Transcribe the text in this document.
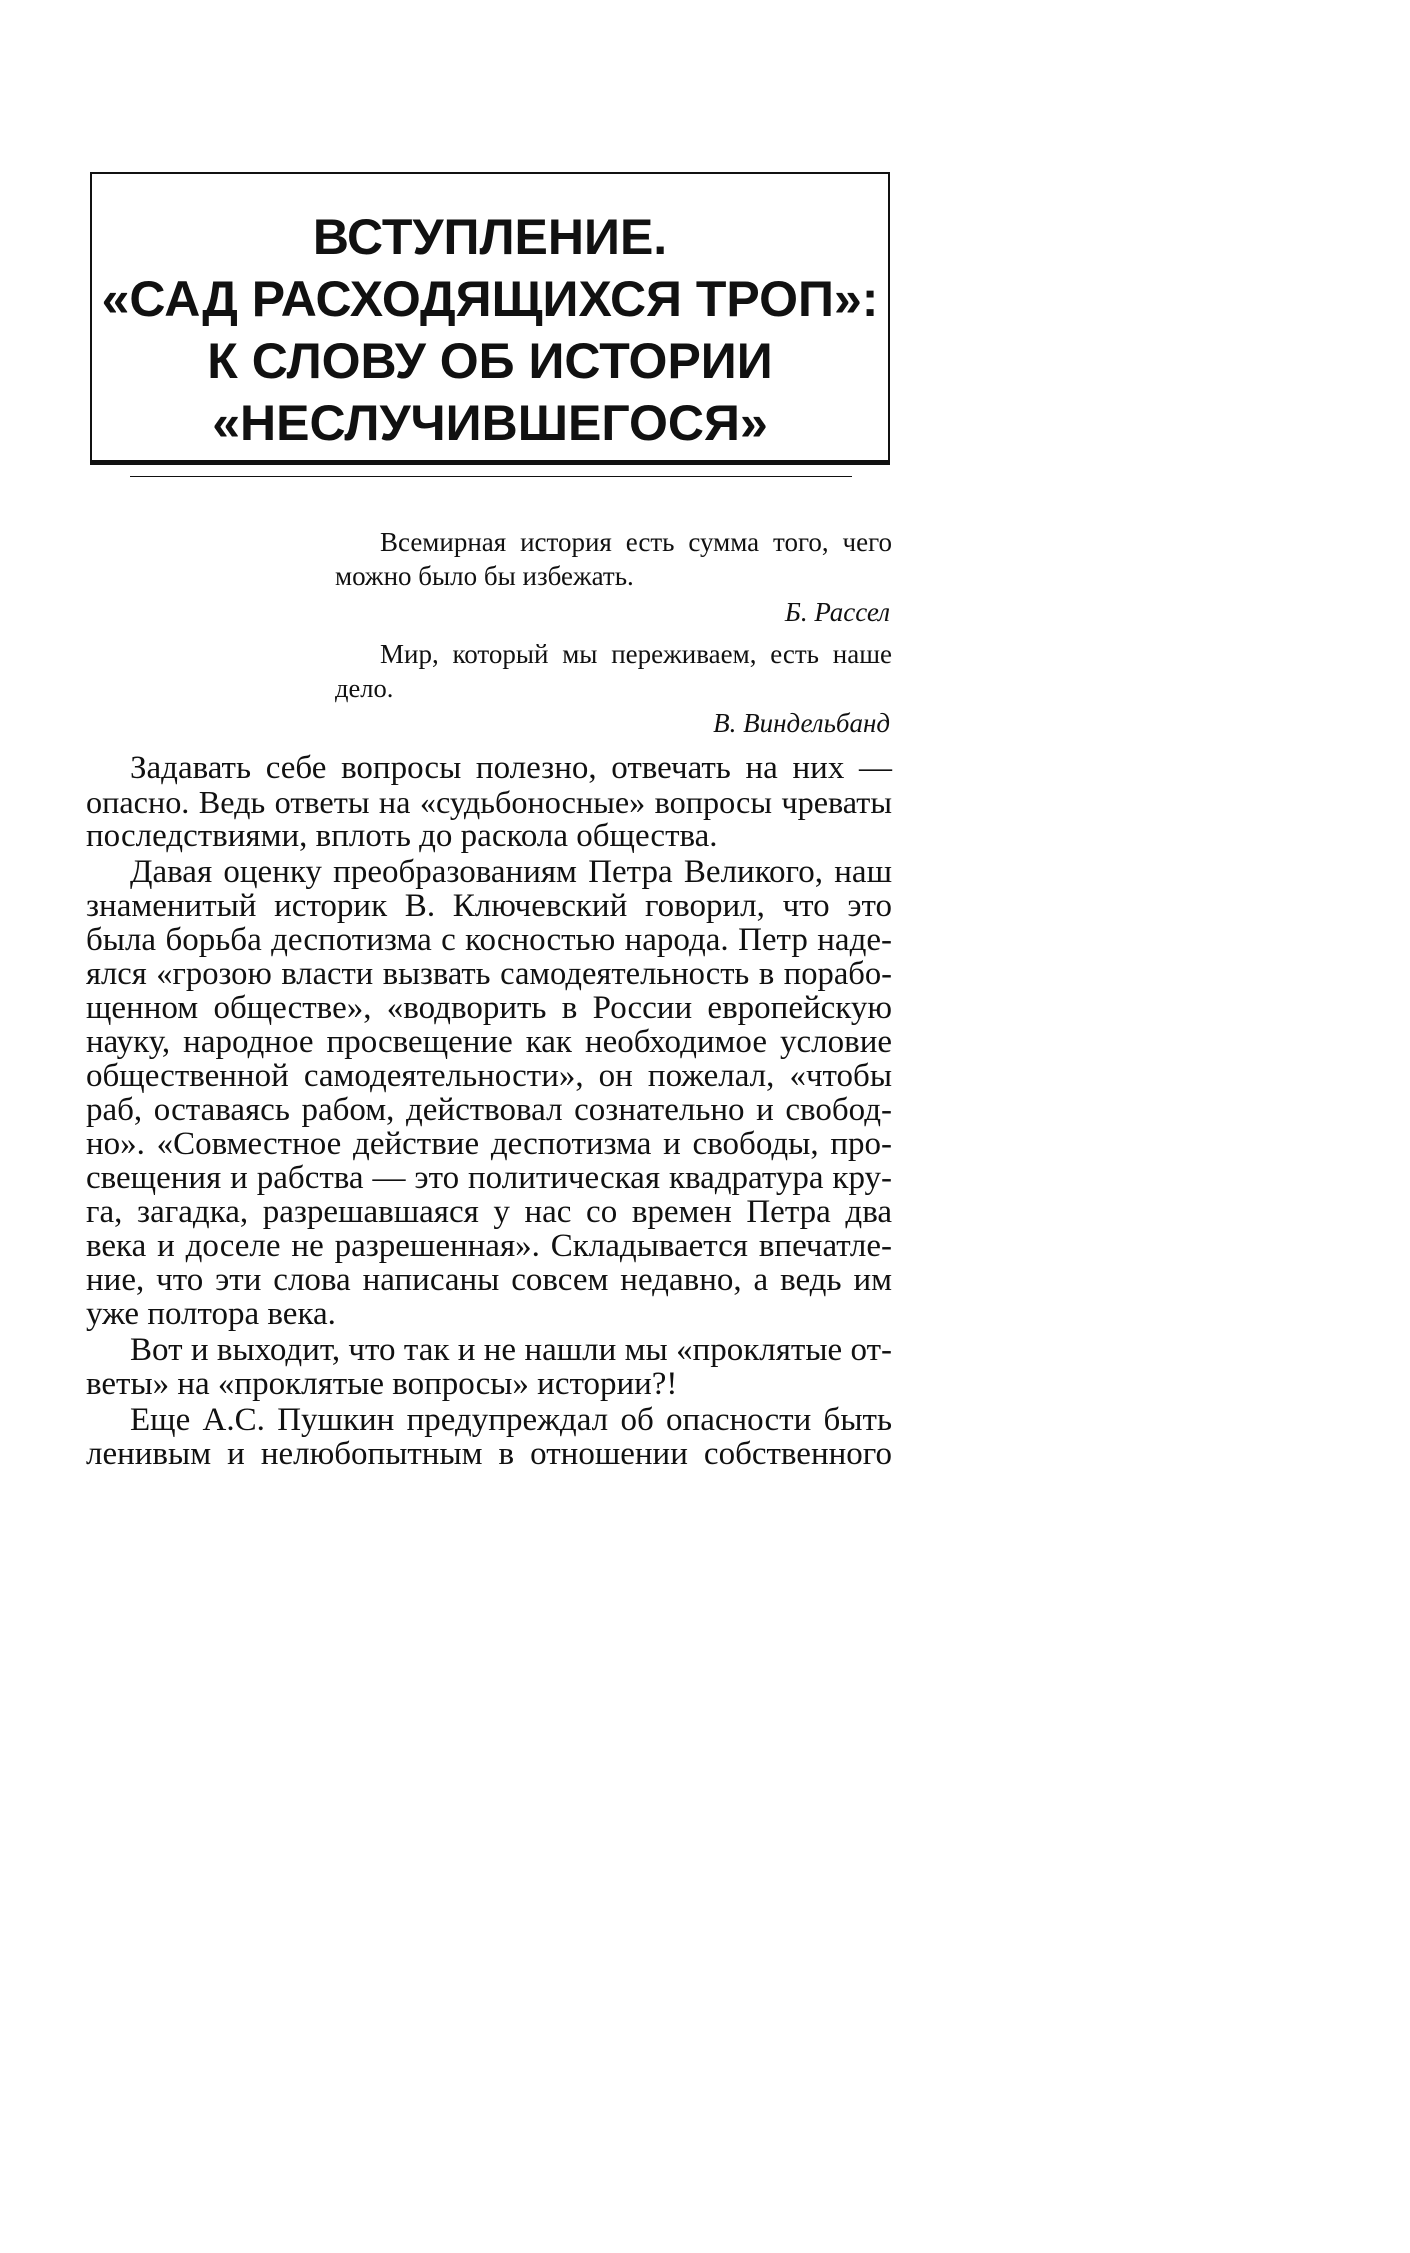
ВСТУПЛЕНИЕ.
«САД РАСХОДЯЩИХСЯ ТРОП»:
К СЛОВУ ОБ ИСТОРИИ
«НЕСЛУЧИВШЕГОСЯ»
Всемирная история есть сумма того, чего
можно было бы избежать.
Б. Рассел
Мир, который мы переживаем, есть наше
дело.
В. Виндельбанд
Задавать себе вопросы полезно, отвечать на них —
опасно. Ведь ответы на «судьбоносные» вопросы чреваты
последствиями, вплоть до раскола общества.
Давая оценку преобразованиям Петра Великого, наш
знаменитый историк В. Ключевский говорил, что это
была борьба деспотизма с косностью народа. Петр наде-
ялся «грозою власти вызвать самодеятельность в порабо-
щенном обществе», «водворить в России европейскую
науку, народное просвещение как необходимое условие
общественной самодеятельности», он пожелал, «чтобы
раб, оставаясь рабом, действовал сознательно и свобод-
но». «Совместное действие деспотизма и свободы, про-
свещения и рабства — это политическая квадратура кру-
га, загадка, разрешавшаяся у нас со времен Петра два
века и доселе не разрешенная». Складывается впечатле-
ние, что эти слова написаны совсем недавно, а ведь им
уже полтора века.
Вот и выходит, что так и не нашли мы «проклятые от-
веты» на «проклятые вопросы» истории?!
Еще А.С. Пушкин предупреждал об опасности быть
ленивым и нелюбопытным в отношении собственного
